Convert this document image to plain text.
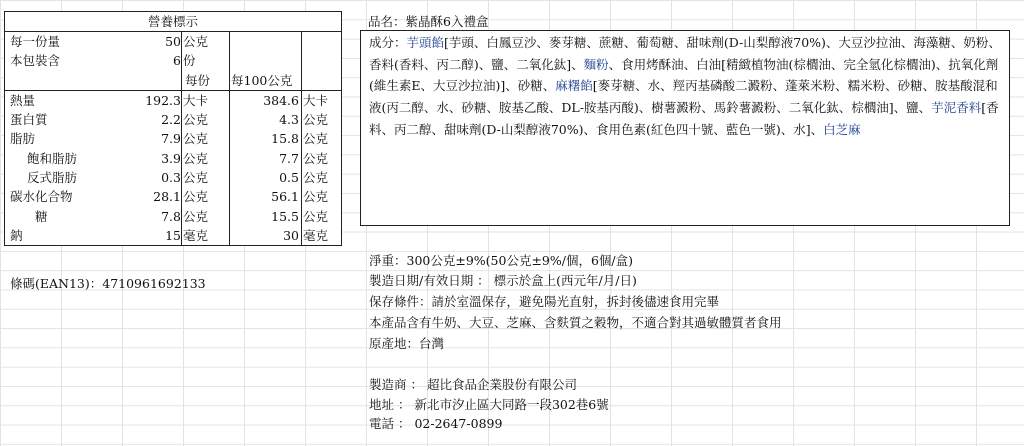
營養標示
每一份量	50 公克
本包裝含	6 份
每份 每100公克
熱量	192.3 大卡	384.6 大卡
蛋白質	2.2 公克	4.3 公克
脂肪	7.9 公克	15.8 公克
飽和脂肪	3.9 公克	7.7 公克
反式脂肪	0.3 公克	0.5 公克
碳水化合物	28.1 公克	56.1 公克
糖	7.8 公克	15.5 公克
鈉	15 毫克	30 毫克
條碼(EAN13)：4710961692133
品名：紫晶酥6入禮盒
成分：芋頭餡[芋頭、白鳳豆沙、麥芽糖、蔗糖、葡萄糖、甜味劑(D-山梨醇液70%)、大豆沙拉油、海藻糖、奶粉、香料(香料、丙二醇)、鹽、二氧化鈦]、麵粉、食用烤酥油、白油[精緻植物油(棕櫚油、完全氫化棕櫚油)、抗氧化劑(維生素E、大豆沙拉油)]、砂糖、麻糬餡[麥芽糖、水、羥丙基磷酸二澱粉、蓬萊米粉、糯米粉、砂糖、胺基酸混和液(丙二醇、水、砂糖、胺基乙酸、DL-胺基丙酸)、樹薯澱粉、馬鈴薯澱粉、二氧化鈦、棕櫚油]、鹽、芋泥香料[香料、丙二醇、甜味劑(D-山梨醇液70%)、食用色素(紅色四十號、藍色一號)、水]、白芝麻
淨重：300公克±9%(50公克±9%/個，6個/盒)
製造日期/有效日期 ： 標示於盒上(西元年/月/日)
保存條件：請於室溫保存，避免陽光直射，拆封後儘速食用完畢
本產品含有牛奶、大豆、芝麻、含麩質之穀物，不適合對其過敏體質者食用
原產地：台灣
製造商 ： 超比食品企業股份有限公司
地址 ： 新北市汐止區大同路一段302巷6號
電話 ： 02-2647-0899
